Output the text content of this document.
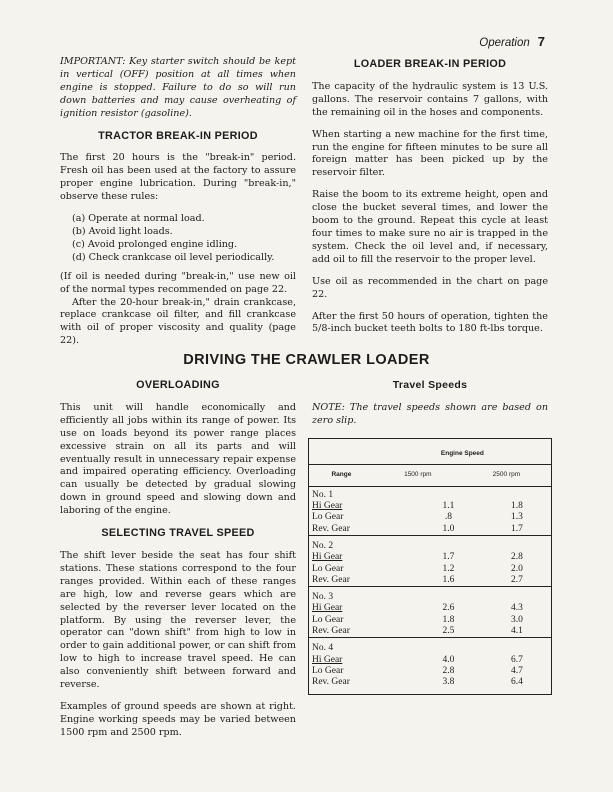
Operation 7

IMPORTANT: Key starter switch should be kept in vertical (OFF) position at all times when engine is stopped. Failure to do so will run down batteries and may cause overheating of ignition resistor (gasoline).

TRACTOR BREAK-IN PERIOD

The first 20 hours is the "break-in" period. Fresh oil has been used at the factory to assure proper engine lubrication. During "break-in," observe these rules:

(a) Operate at normal load.
(b) Avoid light loads.
(c) Avoid prolonged engine idling.
(d) Check crankcase oil level periodically.

(If oil is needed during "break-in," use new oil of the normal types recommended on page 22.

After the 20-hour break-in," drain crankcase, replace crankcase oil filter, and fill crankcase with oil of proper viscosity and quality (page 22).

LOADER BREAK-IN PERIOD

The capacity of the hydraulic system is 13 U.S. gallons. The reservoir contains 7 gallons, with the remaining oil in the hoses and components.

When starting a new machine for the first time, run the engine for fifteen minutes to be sure all foreign matter has been picked up by the reservoir filter.

Raise the boom to its extreme height, open and close the bucket several times, and lower the boom to the ground. Repeat this cycle at least four times to make sure no air is trapped in the system. Check the oil level and, if necessary, add oil to fill the reservoir to the proper level.

Use oil as recommended in the chart on page 22.

After the first 50 hours of operation, tighten the 5/8-inch bucket teeth bolts to 180 ft-lbs torque.

DRIVING THE CRAWLER LOADER
OVERLOADING

This unit will handle economically and efficiently all jobs within its range of power. Its use on loads beyond its power range places excessive strain on all its parts and will eventually result in unnecessary repair expense and impaired operating efficiency. Overloading can usually be detected by gradual slowing down in ground speed and slowing down and laboring of the engine.

SELECTING TRAVEL SPEED

The shift lever beside the seat has four shift stations. These stations correspond to the four ranges provided. Within each of these ranges are high, low and reverse gears which are selected by the reverser lever located on the platform. By using the reverser lever, the operator can "down shift" from high to low in order to gain additional power, or can shift from low to high to increase travel speed. He can also conveniently shift between forward and reverse.

Examples of ground speeds are shown at right. Engine working speeds may be varied between 1500 rpm and 2500 rpm.

Travel Speeds

NOTE: The travel speeds shown are based on zero slip.

	Engine Speed	
Range	1500 rpm	2500 rpm
No. 1		
Hi Gear	1.1	1.8
Lo Gear	.8	1.3
Rev. Gear	1.0	1.7
No. 2		
Hi Gear	1.7	2.8
Lo Gear	1.2	2.0
Rev. Gear	1.6	2.7
No. 3		
Hi Gear	2.6	4.3
Lo Gear	1.8	3.0
Rev. Gear	2.5	4.1
No. 4		
Hi Gear	4.0	6.7
Lo Gear	2.8	4.7
Rev. Gear	3.8	6.4
